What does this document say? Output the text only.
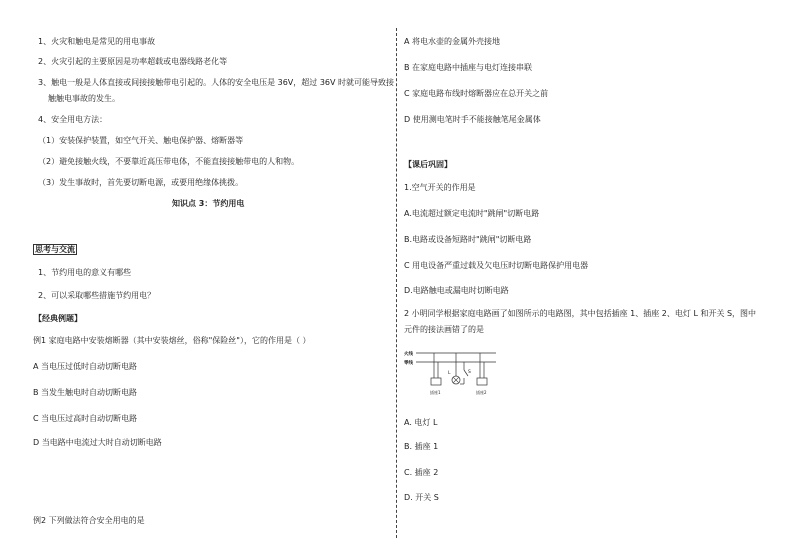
1、火灾和触电是常见的用电事故
2、火灾引起的主要原因是功率超载或电器线路老化等
3、触电一般是人体直接或间接接触带电引起的。人体的安全电压是 36V，超过 36V 时就可能导致接
触触电事故的发生。
4、安全用电方法：
（1）安装保护装置，如空气开关、触电保护器、熔断器等
（2）避免接触火线，不要靠近高压带电体，不能直接接触带电的人和物。
（3）发生事故时，首先要切断电源，或要用绝缘体挑拨。
知识点 3：节约用电
思考与交流
1、节约用电的意义有哪些
2、可以采取哪些措施节约用电？
【经典例题】
例1 家庭电路中安装熔断器（其中安装熔丝，俗称"保险丝"），它的作用是（ ）
A 当电压过低时自动切断电路
B 当发生触电时自动切断电路
C 当电压过高时自动切断电路
D 当电路中电流过大时自动切断电路
例2 下列做法符合安全用电的是
A 将电水壶的金属外壳接地
B 在家庭电路中插座与电灯连接串联
C 家庭电路布线时熔断器应在总开关之前
D 使用测电笔时手不能接触笔尾金属体
【课后巩固】
1.空气开关的作用是
A.电流超过额定电流时"跳闸"切断电路
B.电路或设备短路时"跳闸"切断电路
C 用电设备严重过载及欠电压时切断电路保护用电器
D.电路触电或漏电时切断电路
2 小明同学根据家庭电路画了如图所示的电路图，其中包括插座 1、插座 2、电灯 L 和开关 S，图中
元件的接法画错了的是
火线
零线
插座1
L	S
插座2
A. 电灯 L
B. 插座 1
C. 插座 2
D. 开关 S
